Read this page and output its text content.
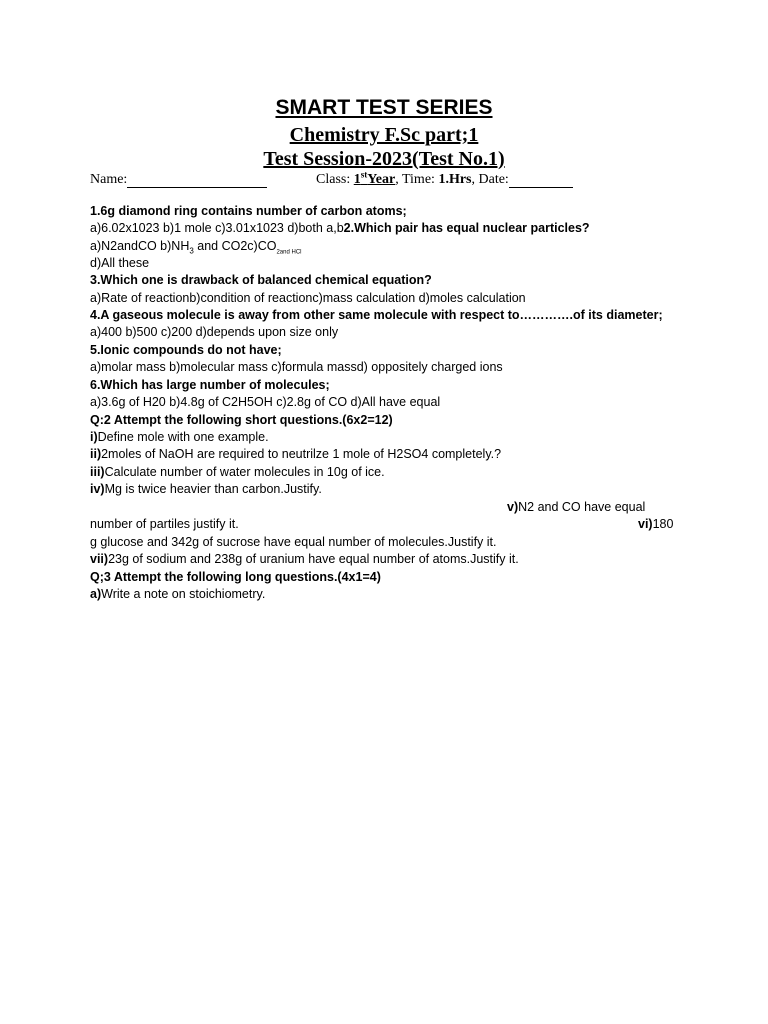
SMART TEST SERIES
Chemistry F.Sc part;1
Test Session-2023(Test No.1)
Name:	Class: 1stYear, Time: 1.Hrs, Date:
1.6g diamond ring contains number of carbon atoms;
a)6.02x1023 b)1 mole c)3.01x1023 d)both a,b2.Which pair has equal nuclear particles?
a)N2andCO $b)NH_3$ and $CO2c)CO_{2and HCl}$
d)All these
3.Which one is drawback of balanced chemical equation?
a)Rate of reactionb)condition of reactionc)mass calculation d)moles calculation
4.A gaseous molecule is away from other same molecule with respect to………….of its diameter;
a)400 b)500 c)200 d)depends upon size only
5.Ionic compounds do not have;
a)molar mass b)molecular mass c)formula massd) oppositely charged ions
6.Which has large number of molecules;
a)3.6g of H20 b)4.8g of C2H5OH c)2.8g of CO d)All have equal
Q:2 Attempt the following short questions.(6x2=12)
i)Define mole with one example.
ii)2moles of NaOH are required to neutrilze 1 mole of H2SO4 completely.?
iii)Calculate number of water molecules in 10g of ice.
iv)Mg is twice heavier than carbon.Justify.
v)N2 and CO have equal
number of partiles justify it.	vi)180
g glucose and 342g of sucrose have equal number of molecules.Justify it.
vii)23g of sodium and 238g of uranium have equal number of atoms.Justify it.
Q;3 Attempt the following long questions.(4x1=4)
a)Write a note on stoichiometry.
